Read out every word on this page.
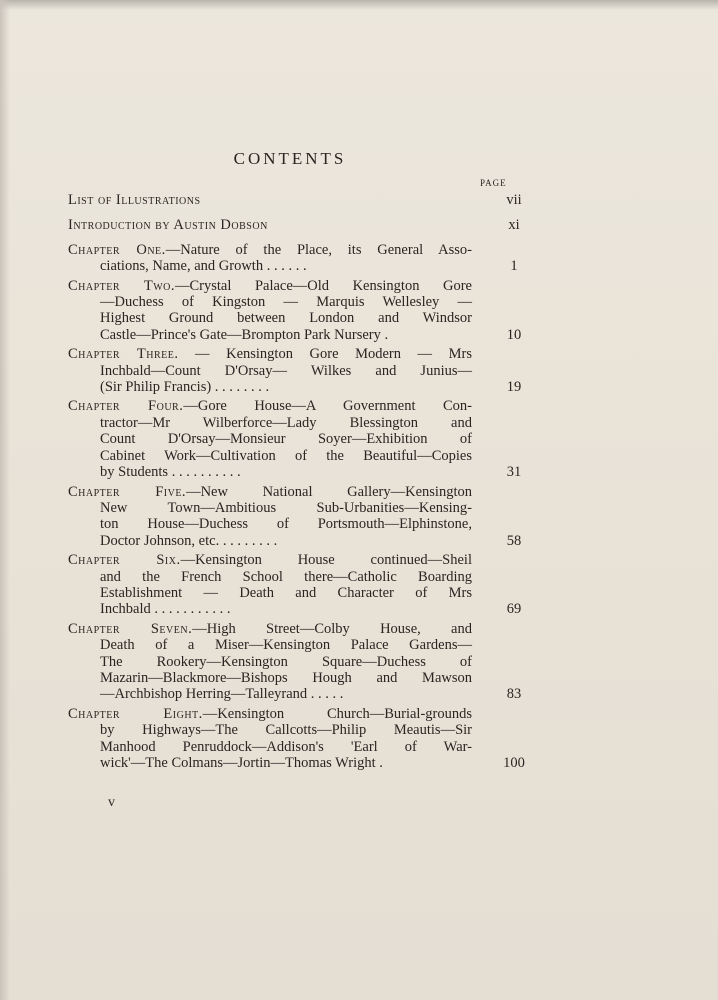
CONTENTS
PAGE
List of Illustrations	vii
Introduction by Austin Dobson	xi
Chapter One.—Nature of the Place, its General Asso-
ciations, Name, and Growth . . . . . .	1
Chapter Two.—Crystal Palace—Old Kensington Gore
—Duchess of Kingston — Marquis Wellesley —
Highest Ground between London and Windsor
Castle—Prince's Gate—Brompton Park Nursery .	10
Chapter Three. — Kensington Gore Modern — Mrs
Inchbald—Count D'Orsay— Wilkes and Junius—
(Sir Philip Francis) . . . . . . . .	19
Chapter Four.—Gore House—A Government Con-
tractor—Mr Wilberforce—Lady Blessington and
Count D'Orsay—Monsieur Soyer—Exhibition of
Cabinet Work—Cultivation of the Beautiful—Copies
by Students . . . . . . . . . .	31
Chapter Five.—New National Gallery—Kensington
New Town—Ambitious Sub-Urbanities—Kensing-
ton House—Duchess of Portsmouth—Elphinstone,
Doctor Johnson, etc. . . . . . . . .	58
Chapter Six.—Kensington House continued—Sheil
and the French School there—Catholic Boarding
Establishment — Death and Character of Mrs
Inchbald . . . . . . . . . . .	69
Chapter Seven.—High Street—Colby House, and
Death of a Miser—Kensington Palace Gardens—
The Rookery—Kensington Square—Duchess of
Mazarin—Blackmore—Bishops Hough and Mawson
—Archbishop Herring—Talleyrand . . . . .	83
Chapter Eight.—Kensington Church—Burial-grounds
by Highways—The Callcotts—Philip Meautis—Sir
Manhood Penruddock—Addison's 'Earl of War-
wick'—The Colmans—Jortin—Thomas Wright .	100
v
